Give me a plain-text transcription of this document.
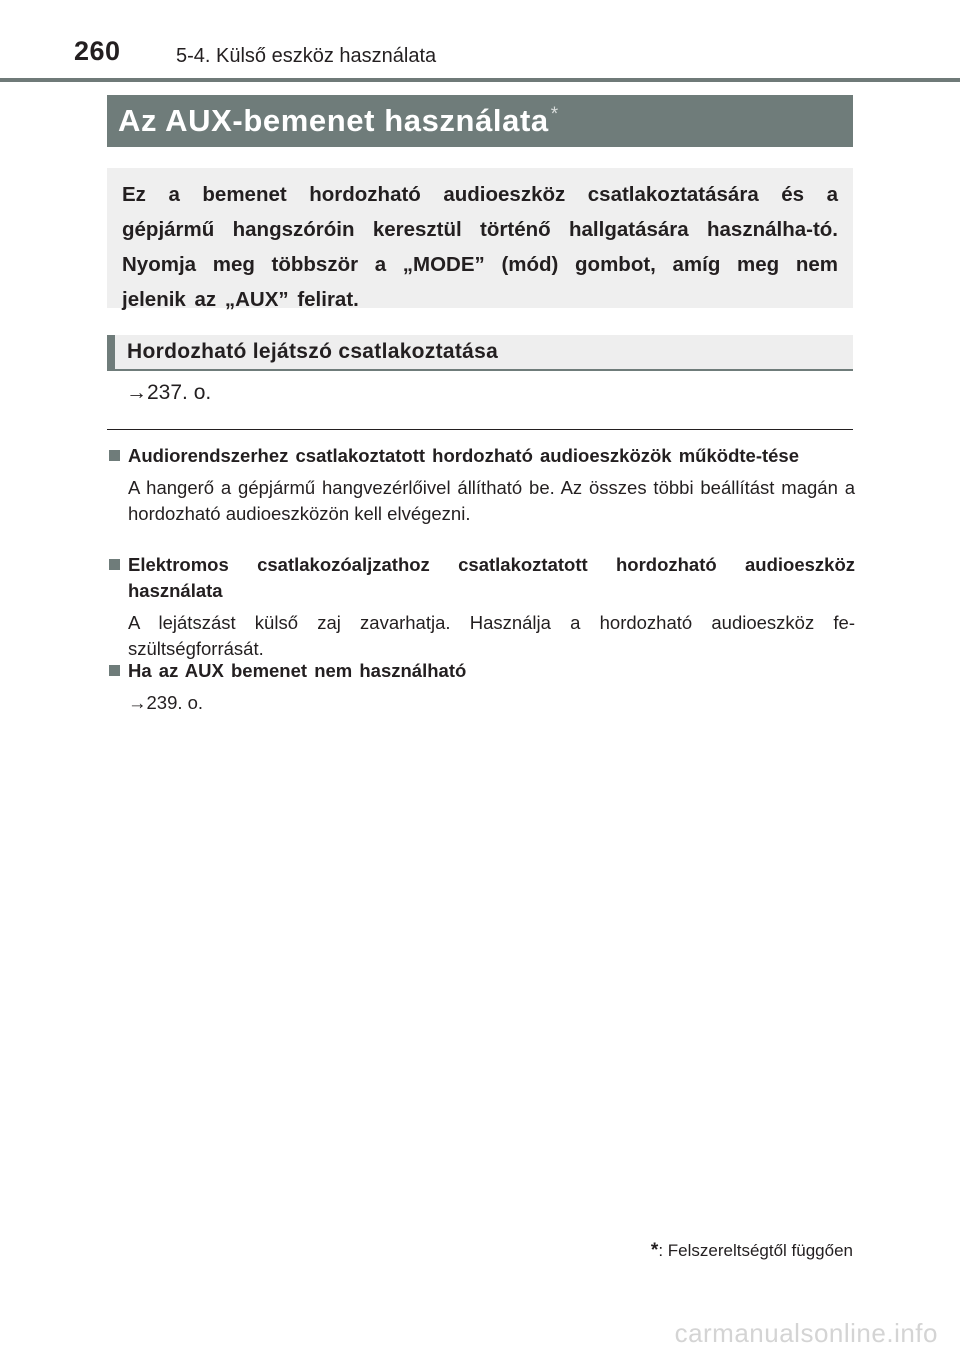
260	5-4. Külső eszköz használata
Az AUX-bemenet használata *
Ez a bemenet hordozható audioeszköz csatlakoztatására és a gépjármű hangszóróin keresztül történő hallgatására használha-tó. Nyomja meg többször a „MODE” (mód) gombot, amíg meg nem jelenik az „AUX” felirat.
Hordozható lejátszó csatlakoztatása
→237. o.
Audiorendszerhez csatlakoztatott hordozható audioeszközök működte-tése
A hangerő a gépjármű hangvezérlőivel állítható be. Az összes többi beállítást magán a hordozható audioeszközön kell elvégezni.
Elektromos csatlakozóaljzathoz csatlakoztatott hordozható audioeszköz használata
A lejátszást külső zaj zavarhatja. Használja a hordozható audioeszköz fe-szültségforrását.
Ha az AUX bemenet nem használható
→239. o.
*: Felszereltségtől függően
carmanualsonline.info
